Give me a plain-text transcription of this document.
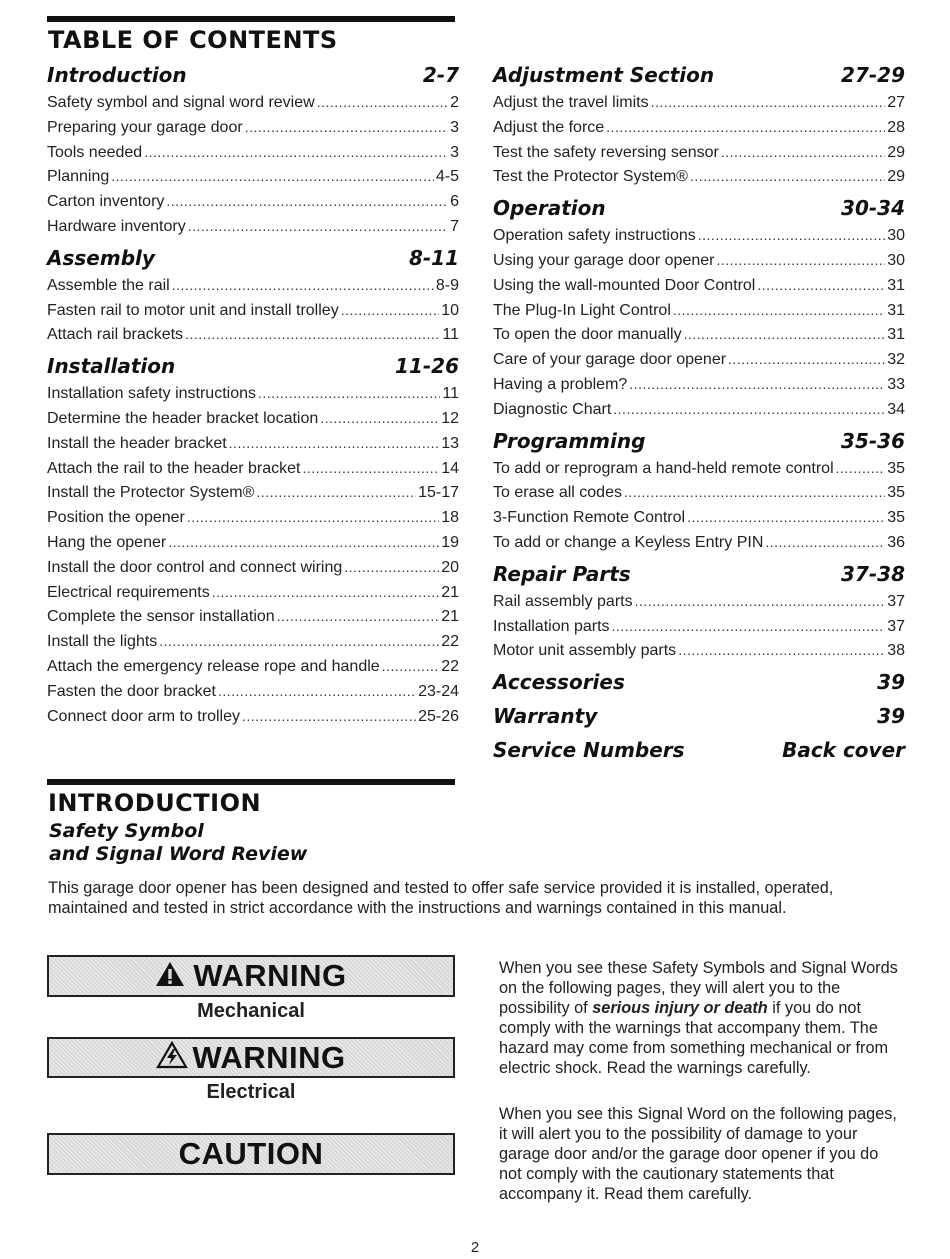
TABLE OF CONTENTS
Introduction	2-7
Safety symbol and signal word review .....	2
Preparing your garage door .....	3
Tools needed .....	3
Planning .....	4-5
Carton inventory .....	6
Hardware inventory .....	7
Assembly	8-11
Assemble the rail .....	8-9
Fasten rail to motor unit and install trolley .....	10
Attach rail brackets .....	11
Installation	11-26
Installation safety instructions .....	11
Determine the header bracket location .....	12
Install the header bracket .....	13
Attach the rail to the header bracket .....	14
Install the Protector System® .....	15-17
Position the opener .....	18
Hang the opener .....	19
Install the door control and connect wiring .....	20
Electrical requirements .....	21
Complete the sensor installation .....	21
Install the lights .....	22
Attach the emergency release rope and handle .....	22
Fasten the door bracket .....	23-24
Connect door arm to trolley .....	25-26
Adjustment Section	27-29
Adjust the travel limits .....	27
Adjust the force .....	28
Test the safety reversing sensor .....	29
Test the Protector System® .....	29
Operation	30-34
Operation safety instructions .....	30
Using your garage door opener .....	30
Using the wall-mounted Door Control .....	31
The Plug-In Light Control .....	31
To open the door manually .....	31
Care of your garage door opener .....	32
Having a problem? .....	33
Diagnostic Chart .....	34
Programming	35-36
To add or reprogram a hand-held remote control .....	35
To erase all codes .....	35
3-Function Remote Control .....	35
To add or change a Keyless Entry PIN .....	36
Repair Parts	37-38
Rail assembly parts .....	37
Installation parts .....	37
Motor unit assembly parts .....	38
Accessories	39
Warranty	39
Service Numbers	Back cover
INTRODUCTION
Safety Symbol
and Signal Word Review
This garage door opener has been designed and tested to offer safe service provided it is installed, operated, maintained and tested in strict accordance with the instructions and warnings contained in this manual.
WARNING
Mechanical
WARNING
Electrical
CAUTION
When you see these Safety Symbols and Signal Words on the following pages, they will alert you to the possibility of serious injury or death if you do not comply with the warnings that accompany them. The hazard may come from something mechanical or from electric shock. Read the warnings carefully.
When you see this Signal Word on the following pages, it will alert you to the possibility of damage to your garage door and/or the garage door opener if you do not comply with the cautionary statements that accompany it. Read them carefully.
2
